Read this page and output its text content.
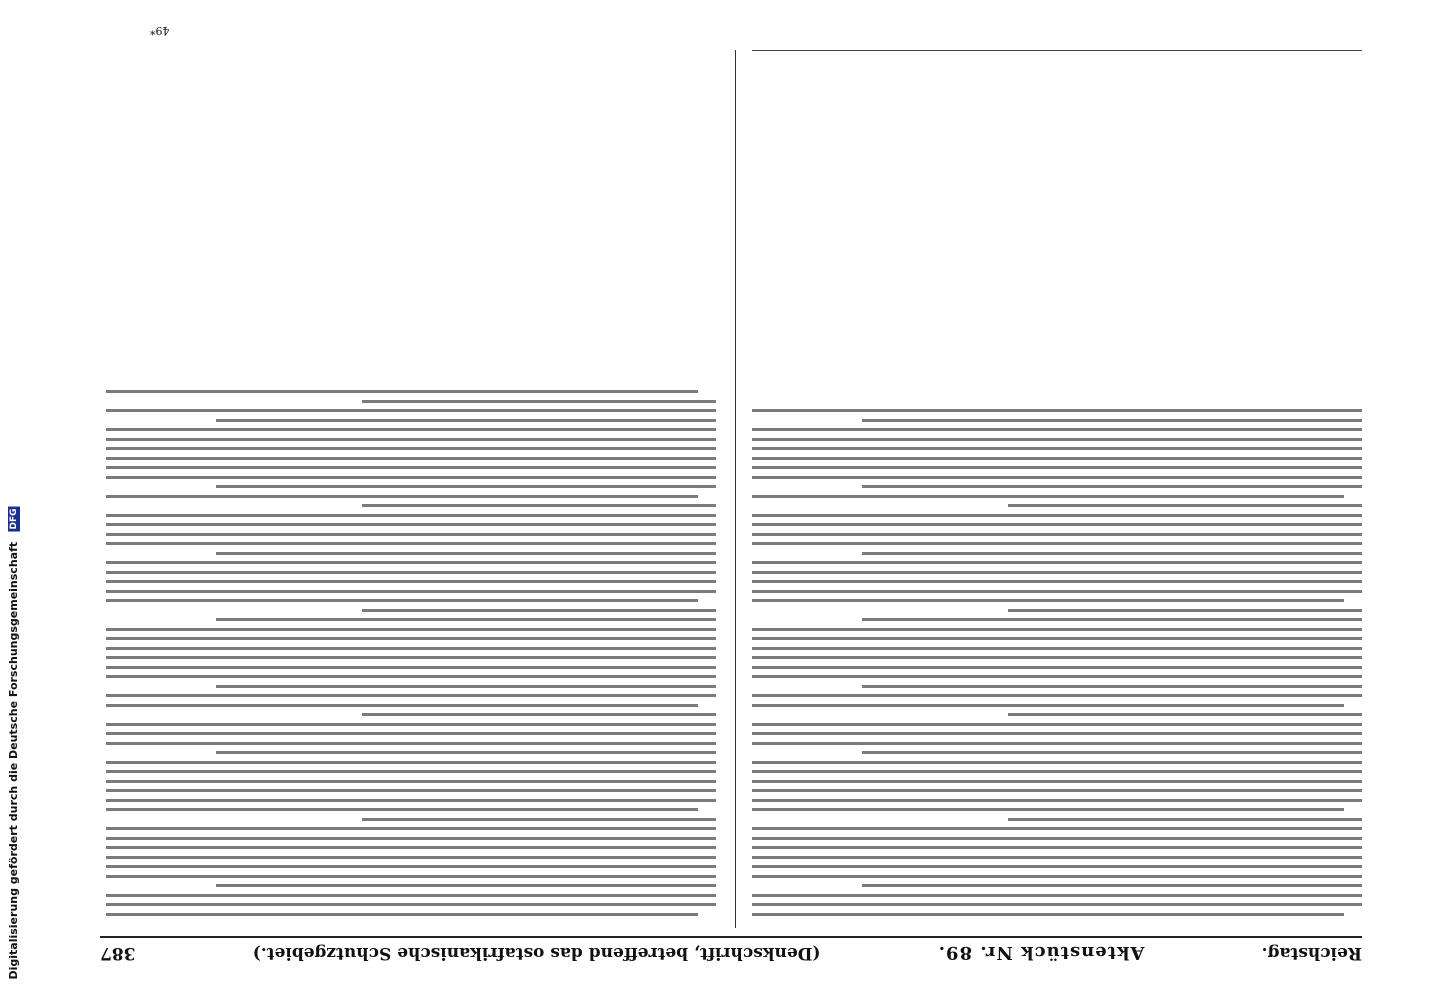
Reichstag.
Aktenstück Nr. 89.
(Denkschrift, betreffend das ostafrikanische Schutzgebiet.)
387

49*
Digitalisierung gefördert durch die Deutsche Forschungsgemeinschaft DFG
